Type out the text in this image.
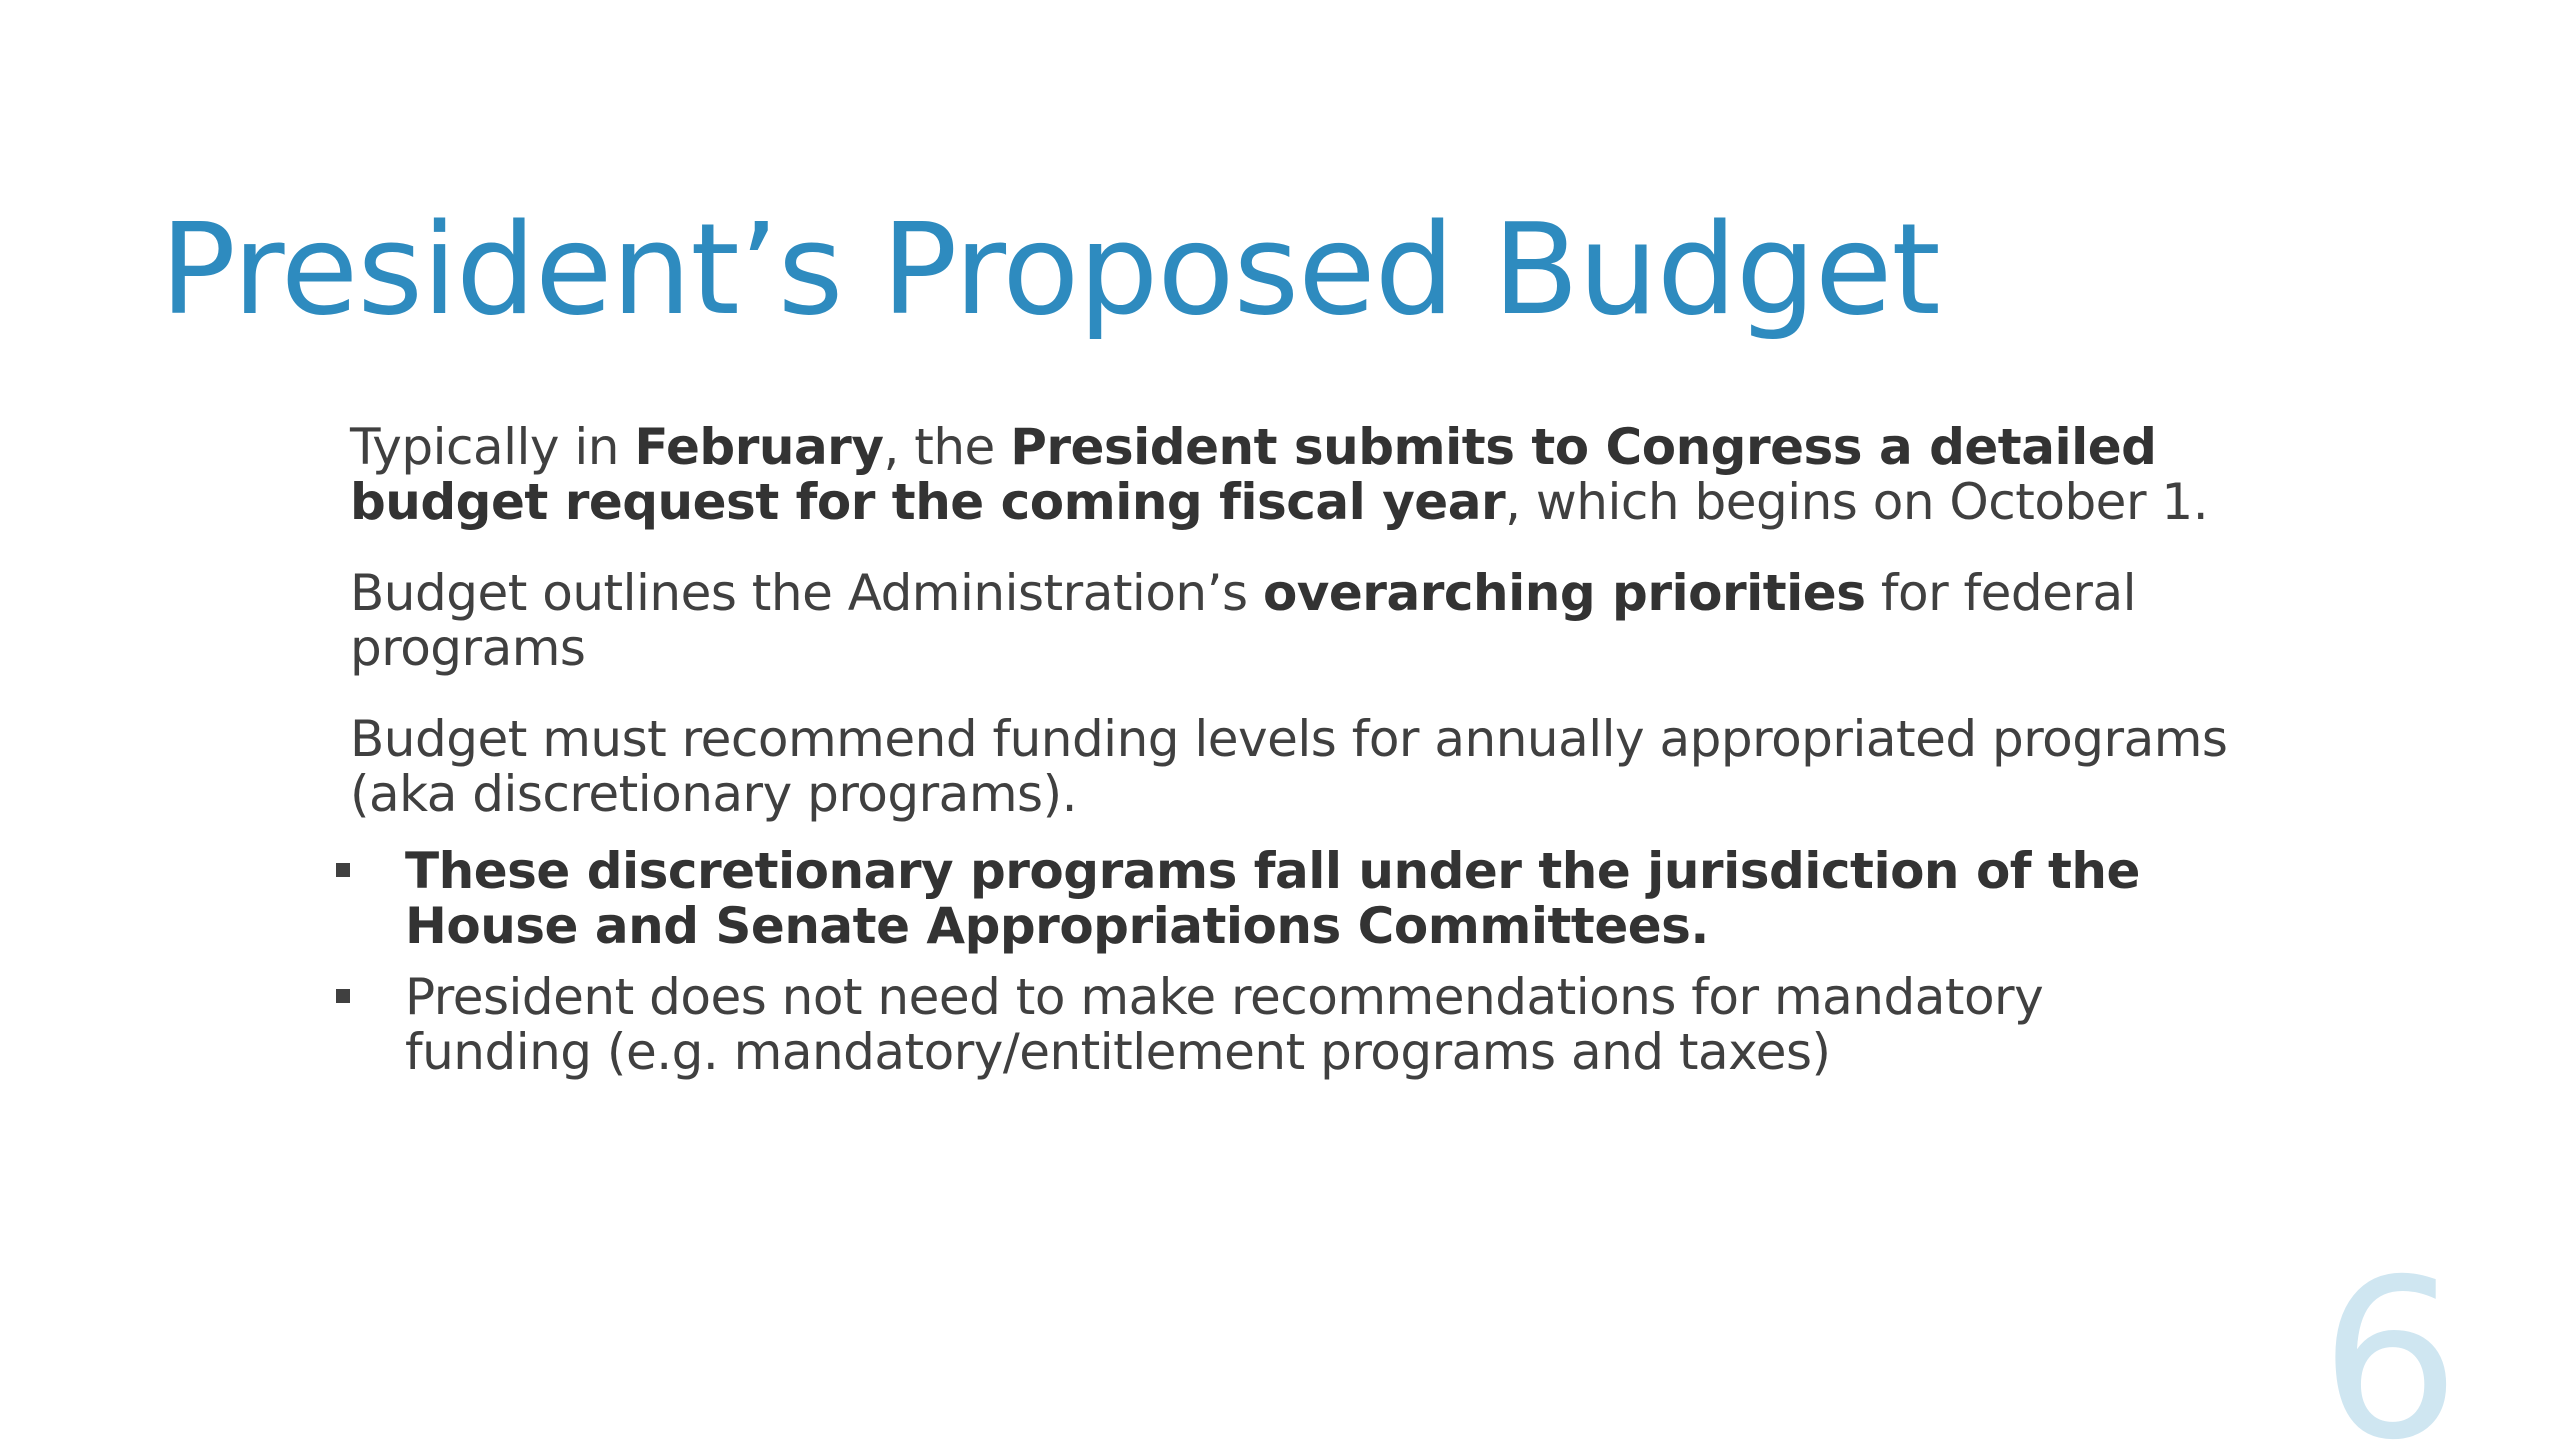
President’s Proposed Budget

Typically in February, the President submits to Congress a detailed budget request for the coming fiscal year, which begins on October 1.

Budget outlines the Administration’s overarching priorities for federal programs

Budget must recommend funding levels for annually appropriated programs (aka discretionary programs).

These discretionary programs fall under the jurisdiction of the House and Senate Appropriations Committees.
President does not need to make recommendations for mandatory funding (e.g. mandatory/entitlement programs and taxes)
6
